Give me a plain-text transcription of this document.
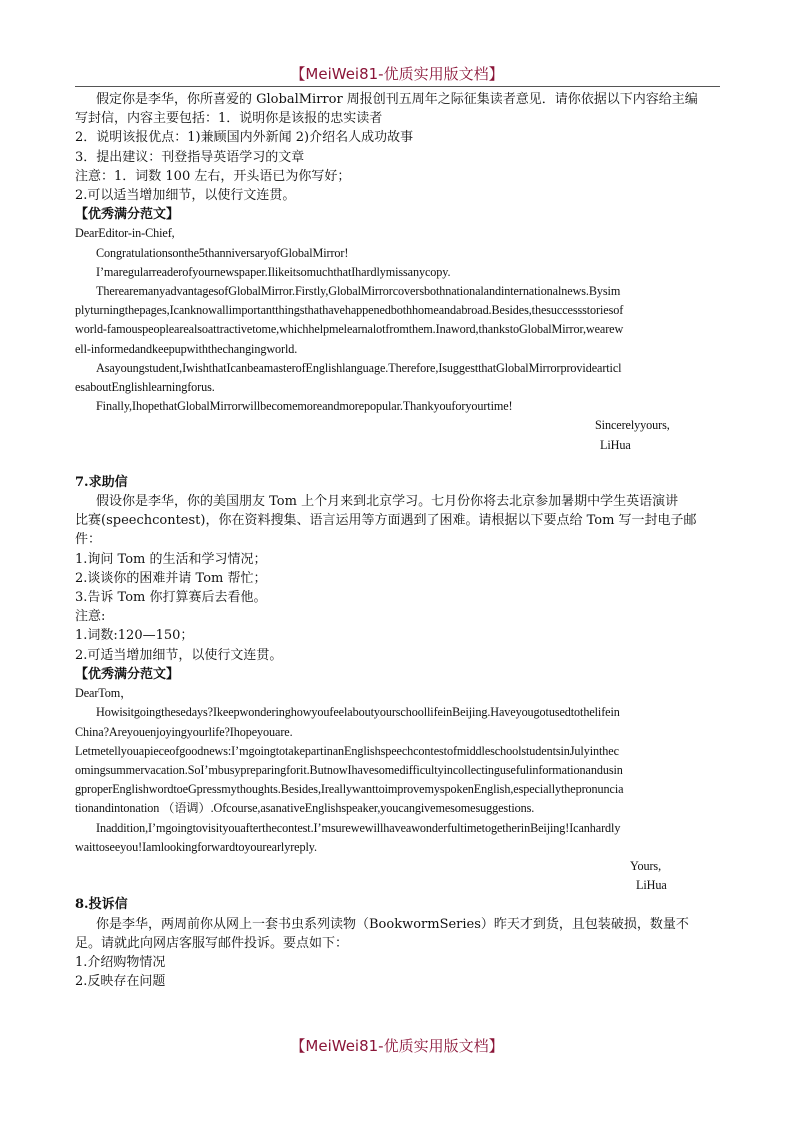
【MeiWei81-优质实用版文档】
假定你是李华，你所喜爱的 GlobalMirror 周报创刊五周年之际征集读者意见．请你依据以下内容给主编
写封信，内容主要包括：1．说明你是该报的忠实读者
2．说明该报优点：1)兼顾国内外新闻 2)介绍名人成功故事
3．提出建议：刊登指导英语学习的文章
注意：1．词数 100 左右，开头语已为你写好；
2.可以适当增加细节，以使行文连贯。
【优秀满分范文】
DearEditor-in-Chief,
Congratulationsonthe5thanniversaryofGlobalMirror!
I’maregularreaderofyournewspaper.IlikeitsomuchthatIhardlymissanycopy.
TherearemanyadvantagesofGlobalMirror.Firstly,GlobalMirrorcoversbothnationalandinternationalnews.Bysim
plyturningthepages,Icanknowallimportantthingsthathavehappenedbothhomeandabroad.Besides,thesuccessstoriesof
world-famouspeoplearealsoattractivetome,whichhelpmelearnalotfromthem.Inaword,thankstoGlobalMirror,wearew
ell-informedandkeepupwiththechangingworld.
Asayoungstudent,IwishthatIcanbeamasterofEnglishlanguage.Therefore,IsuggestthatGlobalMirrorprovidearticl
esaboutEnglishlearningforus.
Finally,IhopethatGlobalMirrorwillbecomemoreandmorepopular.Thankyouforyourtime!
Sincerelyyours,
LiHua
7.求助信
假设你是李华，你的美国朋友 Tom 上个月来到北京学习。七月份你将去北京参加暑期中学生英语演讲
比赛(speechcontest)，你在资料搜集、语言运用等方面遇到了困难。请根据以下要点给 Tom 写一封电子邮
件：
1.询问 Tom 的生活和学习情况；
2.谈谈你的困难并请 Tom 帮忙；
3.告诉 Tom 你打算赛后去看他。
注意:
1.词数:120—150；
2.可适当增加细节，以使行文连贯。
【优秀满分范文】
DearTom，
Howisitgoingthesedays?IkeepwonderinghowyoufeelaboutyourschoollifeinBeijing.Haveyougotusedtothelifein
China?Areyouenjoyingyourlife?Ihopeyouare.
Letmetellyouapieceofgoodnews:I’mgoingtotakepartinanEnglishspeechcontestofmiddleschoolstudentsinJulyinthec
omingsummervacation.SoI’mbusypreparingforit.ButnowIhavesomedifficultyincollectingusefulinformationandusin
gproperEnglishwordtoeGpressmythoughts.Besides,IreallywanttoimprovemyspokenEnglish,especiallythepronuncia
tionandintonation （语调）.Ofcourse,asanativeEnglishspeaker,youcangivemesomesuggestions.
Inaddition,I’mgoingtovisityouafterthecontest.I’msurewewillhaveawonderfultimetogetherinBeijing!Icanhardly
waittoseeyou!Iamlookingforwardtoyourearlyreply.
Yours,
LiHua
8.投诉信
你是李华，两周前你从网上一套书虫系列读物（BookwormSeries）昨天才到货，且包装破损，数量不
足。请就此向网店客服写邮件投诉。要点如下：
1.介绍购物情况
2.反映存在问题
【MeiWei81-优质实用版文档】
